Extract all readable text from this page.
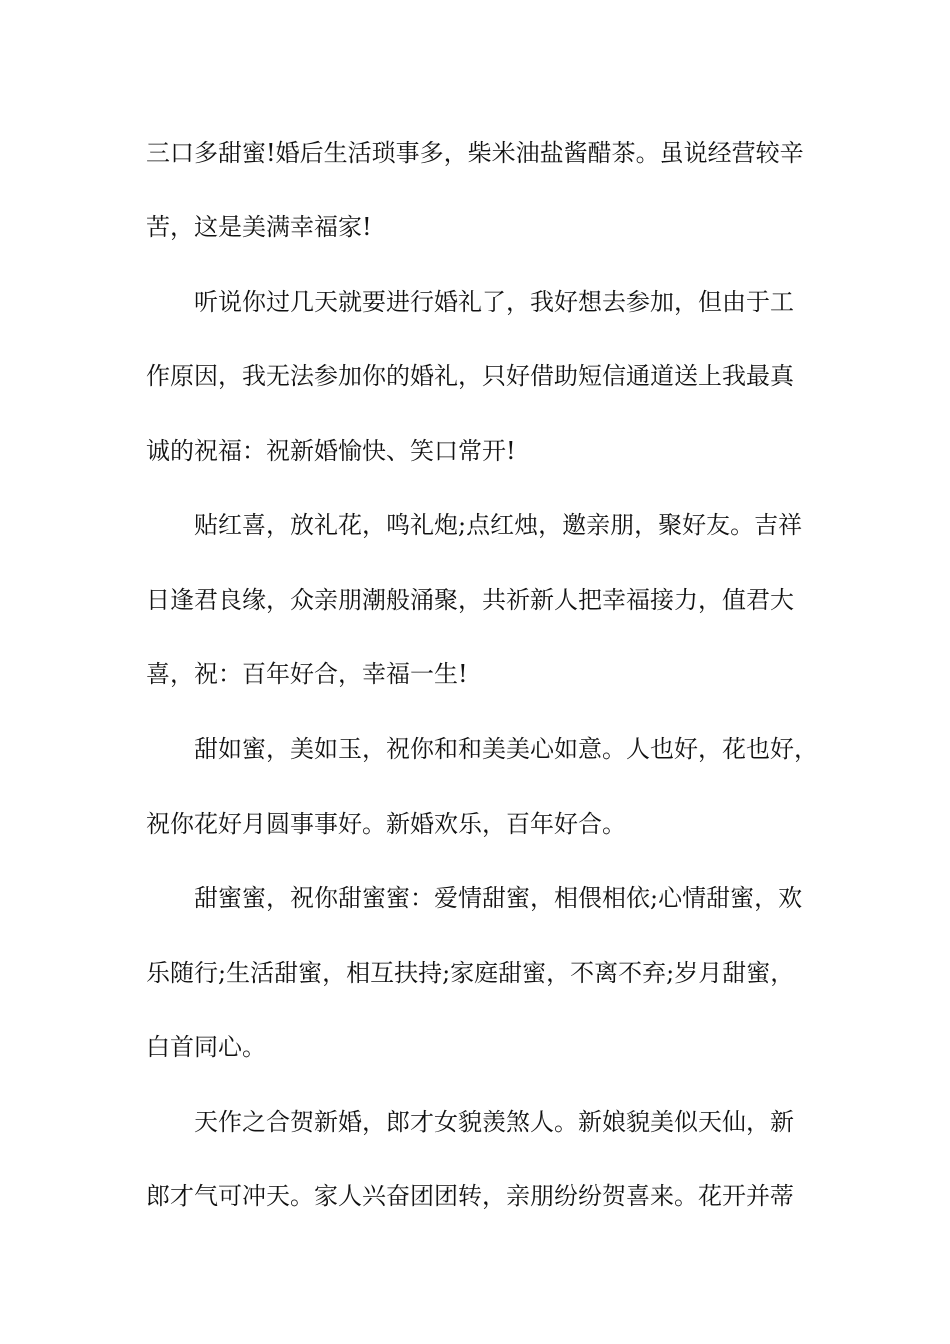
三口多甜蜜!婚后生活琐事多，柴米油盐酱醋茶。虽说经营较辛
苦，这是美满幸福家!
听说你过几天就要进行婚礼了，我好想去参加，但由于工
作原因，我无法参加你的婚礼，只好借助短信通道送上我最真
诚的祝福：祝新婚愉快、笑口常开!
贴红喜，放礼花，鸣礼炮;点红烛，邀亲朋，聚好友。吉祥
日逢君良缘，众亲朋潮般涌聚，共祈新人把幸福接力，值君大
喜，祝：百年好合，幸福一生!
甜如蜜，美如玉，祝你和和美美心如意。人也好，花也好，
祝你花好月圆事事好。新婚欢乐，百年好合。
甜蜜蜜，祝你甜蜜蜜：爱情甜蜜，相偎相依;心情甜蜜，欢
乐随行;生活甜蜜，相互扶持;家庭甜蜜，不离不弃;岁月甜蜜，
白首同心。
天作之合贺新婚，郎才女貌羡煞人。新娘貌美似天仙，新
郎才气可冲天。家人兴奋团团转，亲朋纷纷贺喜来。花开并蒂
